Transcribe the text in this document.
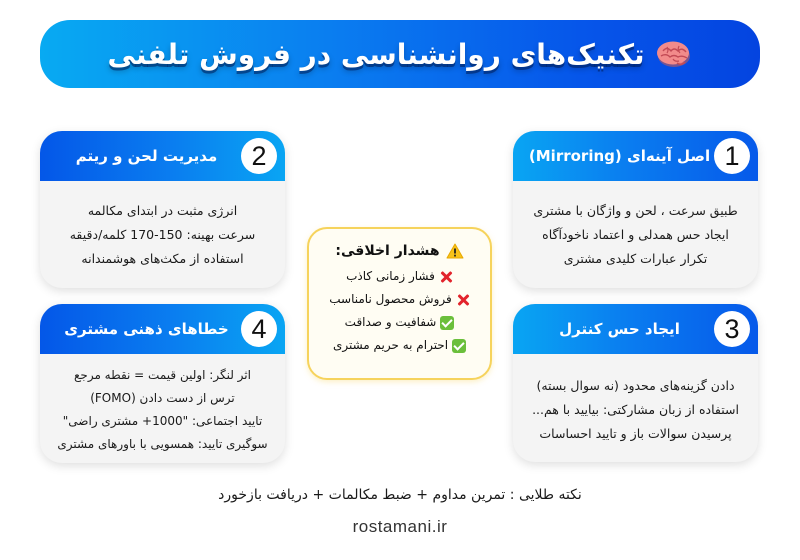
تکنیک‌های روانشناسی در فروش تلفنی
1
اصل آینه‌ای (Mirroring)
طبیق سرعت ، لحن و واژگان با مشتری
ایجاد حس همدلی و اعتماد ناخودآگاه
تکرار عبارات کلیدی مشتری
2
مدیریت لحن و ریتم
انرژی مثبت در ابتدای مکالمه
سرعت بهینه: 150-170 کلمه/دقیقه
استفاده از مکث‌های هوشمندانه	هشدار اخلاقی:
فشار زمانی کاذب
فروش محصول نامناسب
شفافیت و صداقت
احترام به حریم مشتری
3
ایجاد حس کنترل
دادن گزینه‌های محدود (نه سوال بسته)
استفاده از زبان مشارکتی: بیایید با هم...
پرسیدن سوالات باز و تایید احساسات
4
خطاهای ذهنی مشتری
اثر لنگر: اولین قیمت = نقطه مرجع
ترس از دست دادن (FOMO)
تایید اجتماعی: "1000+ مشتری راضی"
سوگیری تایید: همسویی با باورهای مشتری
نکته طلایی : تمرین مداوم + ضبط مکالمات + دریافت بازخورد
rostamani.ir
